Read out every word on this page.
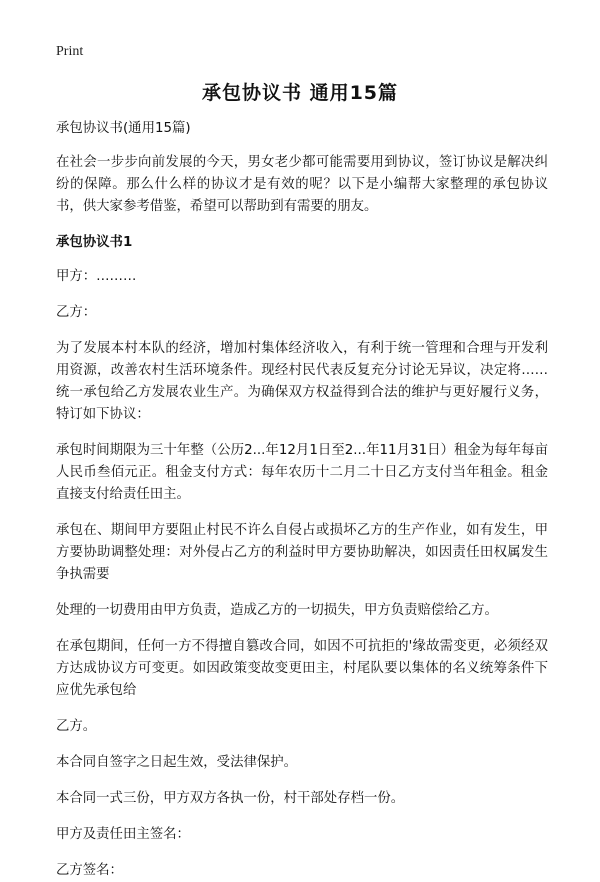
Print
承包协议书 通用15篇

承包协议书(通用15篇)

在社会一步步向前发展的今天，男女老少都可能需要用到协议，签订协议是解决纠纷的保障。那么什么样的协议才是有效的呢？以下是小编帮大家整理的承包协议书，供大家参考借鉴，希望可以帮助到有需要的朋友。

承包协议书1

甲方：………

乙方：

为了发展本村本队的经济，增加村集体经济收入，有利于统一管理和合理与开发利用资源，改善农村生活环境条件。现经村民代表反复充分讨论无异议，决定将……统一承包给乙方发展农业生产。为确保双方权益得到合法的维护与更好履行义务，特订如下协议：

承包时间期限为三十年整（公历2...年12月1日至2...年11月31日）租金为每年每亩人民币叁佰元正。租金支付方式：每年农历十二月二十日乙方支付当年租金。租金直接支付给责任田主。

承包在、期间甲方要阻止村民不许么自侵占或损坏乙方的生产作业，如有发生，甲方要协助调整处理：对外侵占乙方的利益时甲方要协助解决，如因责任田权属发生争执需要

处理的一切费用由甲方负责，造成乙方的一切损失，甲方负责赔偿给乙方。

在承包期间，任何一方不得擅自篡改合同，如因不可抗拒的'缘故需变更，必须经双方达成协议方可变更。如因政策变故变更田主，村尾队要以集体的名义统筹条件下应优先承包给

乙方。

本合同自签字之日起生效，受法律保护。

本合同一式三份，甲方双方各执一份，村干部处存档一份。

甲方及责任田主签名：

乙方签名：
